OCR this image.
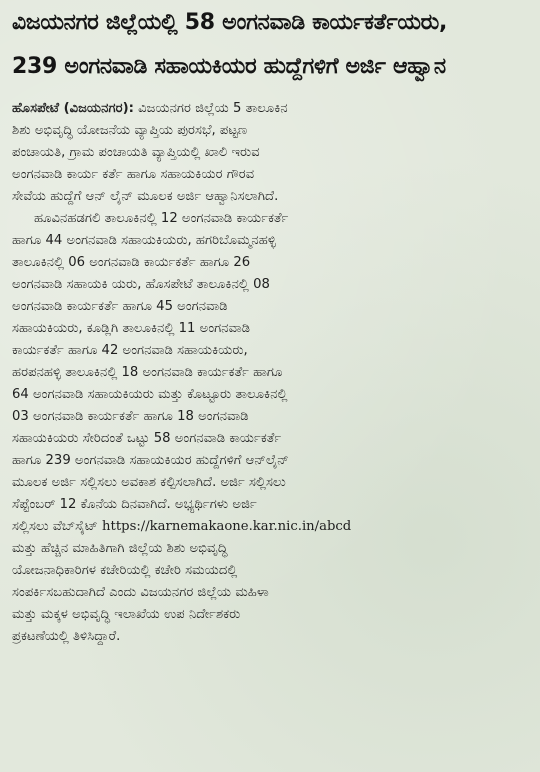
ವಿಜಯನಗರ ಜಿಲ್ಲೆಯಲ್ಲಿ 58 ಅಂಗನವಾಡಿ ಕಾರ್ಯಕರ್ತೆಯರು,
239 ಅಂಗನವಾಡಿ ಸಹಾಯಕಿಯರ ಹುದ್ದೆಗಳಿಗೆ ಅರ್ಜಿ ಆಹ್ವಾನ
ಹೊಸಪೇಟೆ (ವಿಜಯನಗರ): ವಿಜಯನಗರ ಜಿಲ್ಲೆಯ 5 ತಾಲೂಕಿನ
ಶಿಶು ಅಭಿವೃದ್ಧಿ ಯೋಜನೆಯ ವ್ಯಾಪ್ತಿಯ ಪುರಸಭೆ, ಪಟ್ಟಣ
ಪಂಚಾಯತಿ, ಗ್ರಾಮ ಪಂಚಾಯತಿ ವ್ಯಾಪ್ತಿಯಲ್ಲಿ ಖಾಲಿ ಇರುವ
ಅಂಗನವಾಡಿ ಕಾರ್ಯ ಕರ್ತೆ ಹಾಗೂ ಸಹಾಯಕಿಯರ ಗೌರವ
ಸೇವೆಯ ಹುದ್ದೆಗೆ ಆನ್ ಲೈನ್ ಮೂಲಕ ಅರ್ಜಿ ಆಹ್ವಾನಿಸಲಾಗಿದೆ.
ಹೂವಿನಹಡಗಲಿ ತಾಲೂಕಿನಲ್ಲಿ 12 ಅಂಗನವಾಡಿ ಕಾರ್ಯಕರ್ತೆ
ಹಾಗೂ 44 ಅಂಗನವಾಡಿ ಸಹಾಯಕಿಯರು, ಹಗರಿಬೊಮ್ಮನಹಳ್ಳಿ
ತಾಲೂಕಿನಲ್ಲಿ 06 ಅಂಗನವಾಡಿ ಕಾರ್ಯಕರ್ತೆ ಹಾಗೂ 26
ಅಂಗನವಾಡಿ ಸಹಾಯಕಿ ಯರು, ಹೊಸಪೇಟೆ ತಾಲೂಕಿನಲ್ಲಿ 08
ಅಂಗನವಾಡಿ ಕಾರ್ಯಕರ್ತೆ ಹಾಗೂ 45 ಅಂಗನವಾಡಿ
ಸಹಾಯಕಿಯರು, ಕೂಡ್ಲಿಗಿ ತಾಲೂಕಿನಲ್ಲಿ 11 ಅಂಗನವಾಡಿ
ಕಾರ್ಯಕರ್ತೆ ಹಾಗೂ 42 ಅಂಗನವಾಡಿ ಸಹಾಯಕಿಯರು,
ಹರಪನಹಳ್ಳಿ ತಾಲೂಕಿನಲ್ಲಿ 18 ಅಂಗನವಾಡಿ ಕಾರ್ಯಕರ್ತೆ ಹಾಗೂ
64 ಅಂಗನವಾಡಿ ಸಹಾಯಕಿಯರು ಮತ್ತು ಕೊಟ್ಟೂರು ತಾಲೂಕಿನಲ್ಲಿ
03 ಅಂಗನವಾಡಿ ಕಾರ್ಯಕರ್ತೆ ಹಾಗೂ 18 ಅಂಗನವಾಡಿ
ಸಹಾಯಕಿಯರು ಸೇರಿದಂತೆ ಒಟ್ಟು 58 ಅಂಗನವಾಡಿ ಕಾರ್ಯಕರ್ತೆ
ಹಾಗೂ 239 ಅಂಗನವಾಡಿ ಸಹಾಯಕಿಯರ ಹುದ್ದೆಗಳಿಗೆ ಆನ್‌ಲೈನ್
ಮೂಲಕ ಅರ್ಜಿ ಸಲ್ಲಿಸಲು ಅವಕಾಶ ಕಲ್ಪಿಸಲಾಗಿದೆ. ಅರ್ಜಿ ಸಲ್ಲಿಸಲು
ಸೆಪ್ಟೆಂಬರ್ 12 ಕೊನೆಯ ದಿನವಾಗಿದೆ. ಅಭ್ಯರ್ಥಿಗಳು ಅರ್ಜಿ
ಸಲ್ಲಿಸಲು ವೆಬ್‌ಸೈಟ್ https://karnemakaone.kar.nic.in/abcd
ಮತ್ತು ಹೆಚ್ಚಿನ ಮಾಹಿತಿಗಾಗಿ ಜಿಲ್ಲೆಯ ಶಿಶು ಅಭಿವೃದ್ಧಿ
ಯೋಜನಾಧಿಕಾರಿಗಳ ಕಚೇರಿಯಲ್ಲಿ ಕಚೇರಿ ಸಮಯದಲ್ಲಿ
ಸಂಪರ್ಕಿಸಬಹುದಾಗಿದೆ ಎಂದು ವಿಜಯನಗರ ಜಿಲ್ಲೆಯ ಮಹಿಳಾ
ಮತ್ತು ಮಕ್ಕಳ ಅಭಿವೃದ್ಧಿ ಇಲಾಖೆಯ ಉಪ ನಿರ್ದೇಶಕರು
ಪ್ರಕಟಣೆಯಲ್ಲಿ ತಿಳಿಸಿದ್ದಾರೆ.
